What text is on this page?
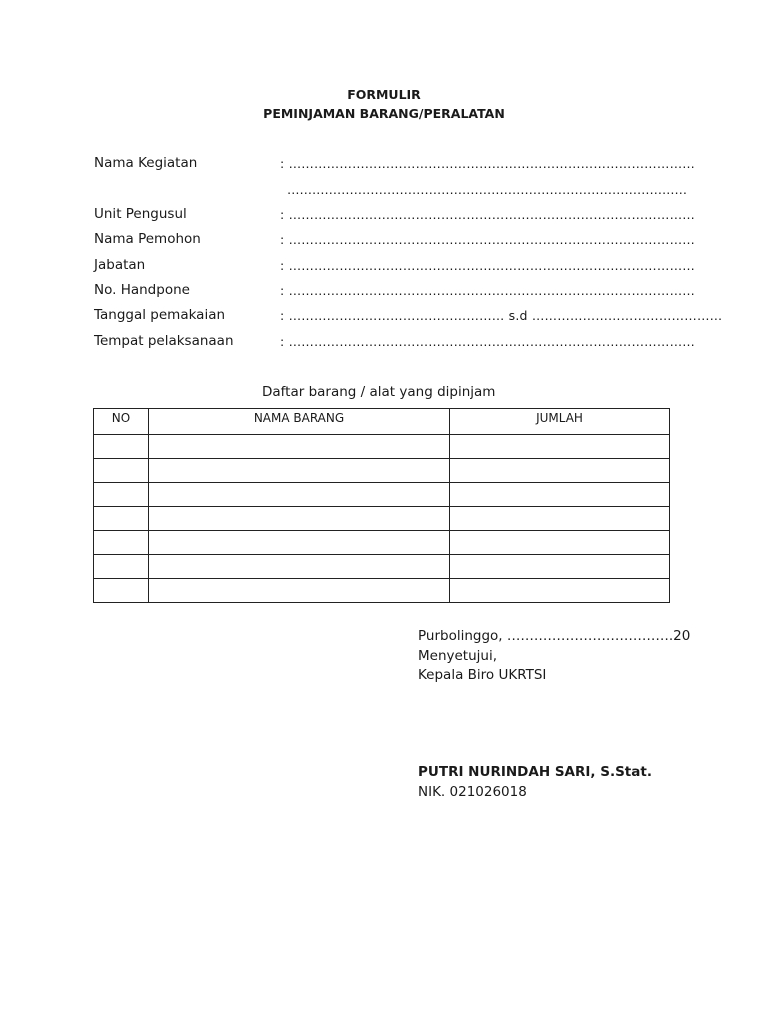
FORMULIR
PEMINJAMAN BARANG/PERALATAN
Nama Kegiatan	: ……………………………………………………………………………………
……………………………………………………………………………………
Unit Pengusul	: ……………………………………………………………………………………
Nama Pemohon	: ……………………………………………………………………………………
Jabatan	: ……………………………………………………………………………………
No. Handpone	: ……………………………………………………………………………………
Tanggal pemakaian	: …………………………………………… s.d ………………………………………
Tempat pelaksanaan	: ……………………………………………………………………………………
Daftar barang / alat yang dipinjam
NO	NAMA BARANG	JUMLAH

Purbolinggo, ……………………………….20
Menyetujui,
Kepala Biro UKRTSI
PUTRI NURINDAH SARI, S.Stat.
NIK. 021026018
